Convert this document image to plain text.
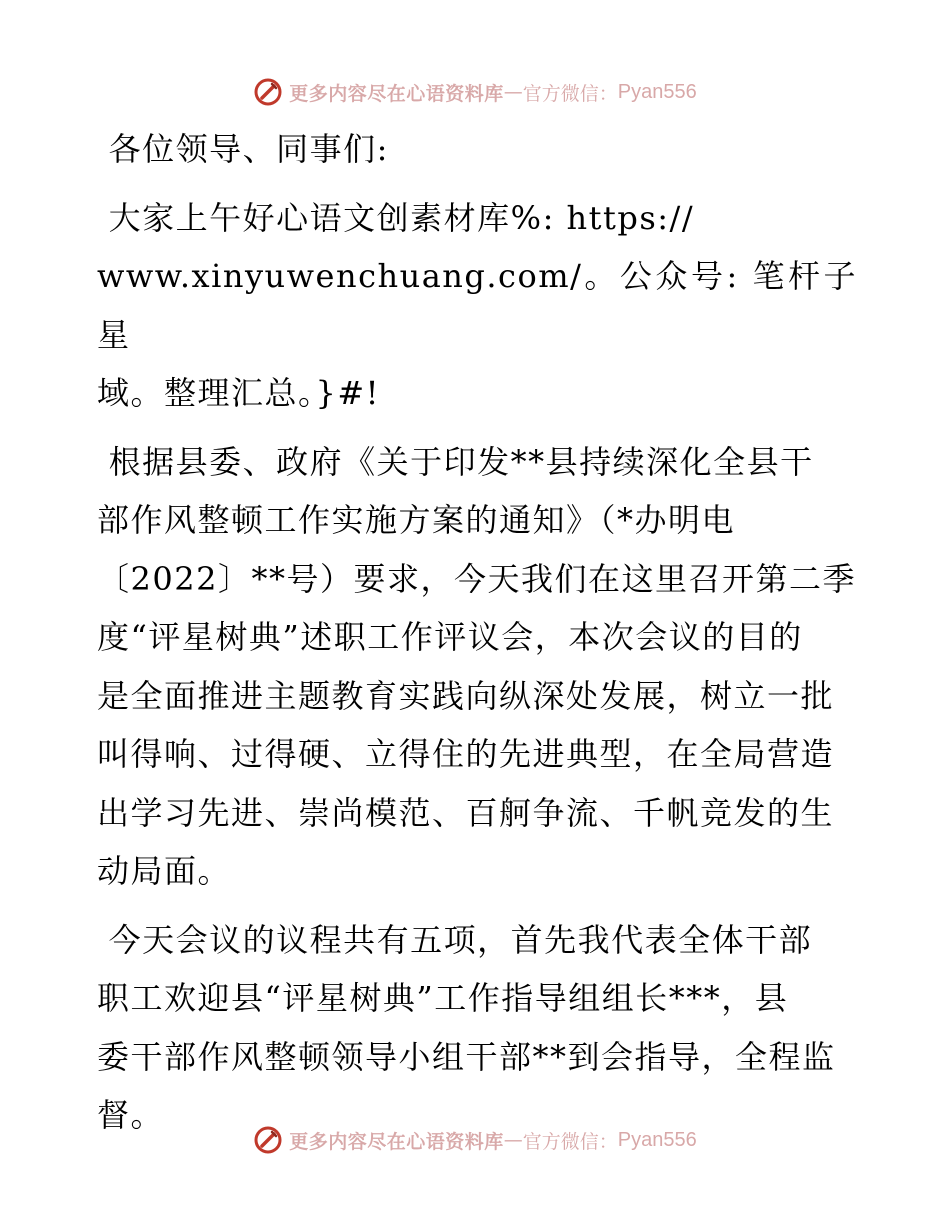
更多内容尽在心语资料库 — 官方微信： Pyan556

各位领导、同事们:

大家上午好心语文创素材库%: https://
www.xinyuwenchuang.com/。公众号: 笔杆子星
域。整理汇总。}#!

根据县委、政府《关于印发**县持续深化全县干
部作风整顿工作实施方案的通知》（*办明电
〔2022〕**号）要求，今天我们在这里召开第二季
度“评星树典”述职工作评议会，本次会议的目的
是全面推进主题教育实践向纵深处发展，树立一批
叫得响、过得硬、立得住的先进典型，在全局营造
出学习先进、崇尚模范、百舸争流、千帆竞发的生
动局面。

今天会议的议程共有五项，首先我代表全体干部
职工欢迎县“评星树典”工作指导组组长***，县
委干部作风整顿领导小组干部**到会指导，全程监
督。

更多内容尽在心语资料库 — 官方微信： Pyan556
